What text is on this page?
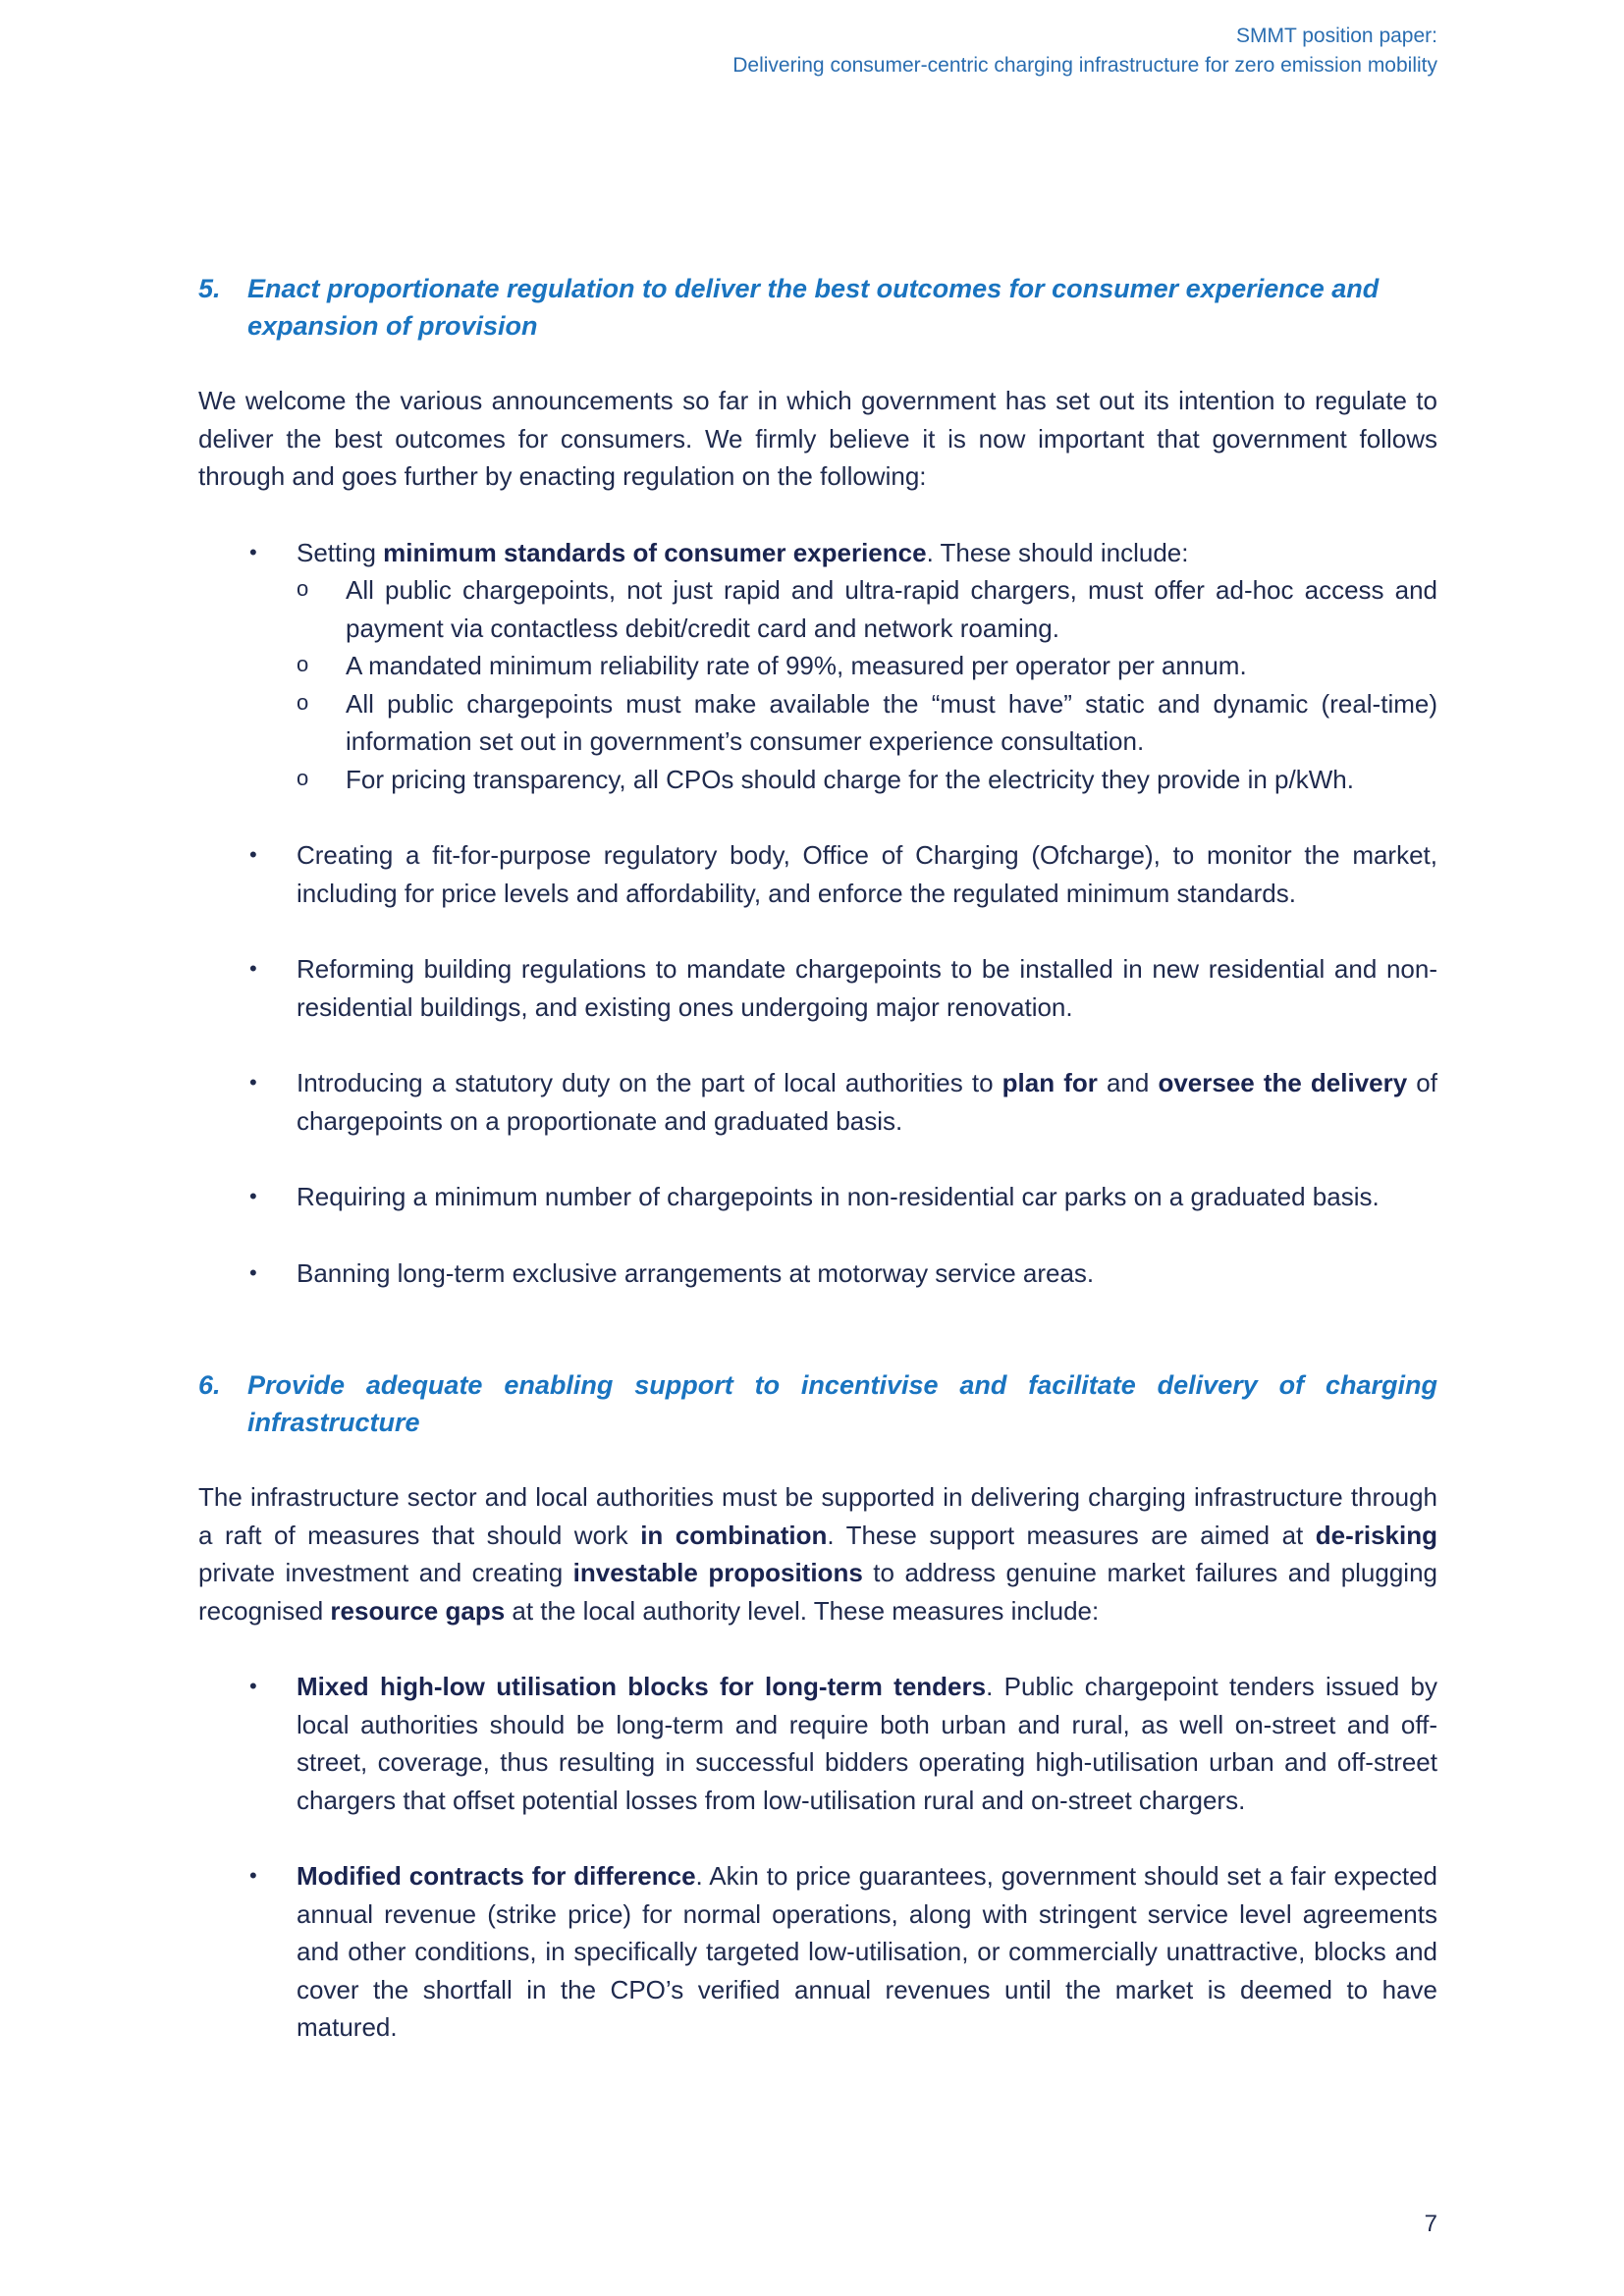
SMMT position paper:
Delivering consumer-centric charging infrastructure for zero emission mobility
5.	Enact proportionate regulation to deliver the best outcomes for consumer experience and expansion of provision

We welcome the various announcements so far in which government has set out its intention to regulate to deliver the best outcomes for consumers. We firmly believe it is now important that government follows through and goes further by enacting regulation on the following:

• Setting minimum standards of consumer experience. These should include:
o All public chargepoints, not just rapid and ultra-rapid chargers, must offer ad-hoc access and payment via contactless debit/credit card and network roaming.
o A mandated minimum reliability rate of 99%, measured per operator per annum.
o All public chargepoints must make available the “must have” static and dynamic (real-time) information set out in government’s consumer experience consultation.
o For pricing transparency, all CPOs should charge for the electricity they provide in p/kWh.
• Creating a fit-for-purpose regulatory body, Office of Charging (Ofcharge), to monitor the market, including for price levels and affordability, and enforce the regulated minimum standards.
• Reforming building regulations to mandate chargepoints to be installed in new residential and non-residential buildings, and existing ones undergoing major renovation.
• Introducing a statutory duty on the part of local authorities to plan for and oversee the delivery of chargepoints on a proportionate and graduated basis.
• Requiring a minimum number of chargepoints in non-residential car parks on a graduated basis.
• Banning long-term exclusive arrangements at motorway service areas.
6.	Provide adequate enabling support to incentivise and facilitate delivery of charging infrastructure

The infrastructure sector and local authorities must be supported in delivering charging infrastructure through a raft of measures that should work in combination. These support measures are aimed at de-risking private investment and creating investable propositions to address genuine market failures and plugging recognised resource gaps at the local authority level. These measures include:

• Mixed high-low utilisation blocks for long-term tenders. Public chargepoint tenders issued by local authorities should be long-term and require both urban and rural, as well on-street and off-street, coverage, thus resulting in successful bidders operating high-utilisation urban and off-street chargers that offset potential losses from low-utilisation rural and on-street chargers.
• Modified contracts for difference. Akin to price guarantees, government should set a fair expected annual revenue (strike price) for normal operations, along with stringent service level agreements and other conditions, in specifically targeted low-utilisation, or commercially unattractive, blocks and cover the shortfall in the CPO’s verified annual revenues until the market is deemed to have matured.
7
